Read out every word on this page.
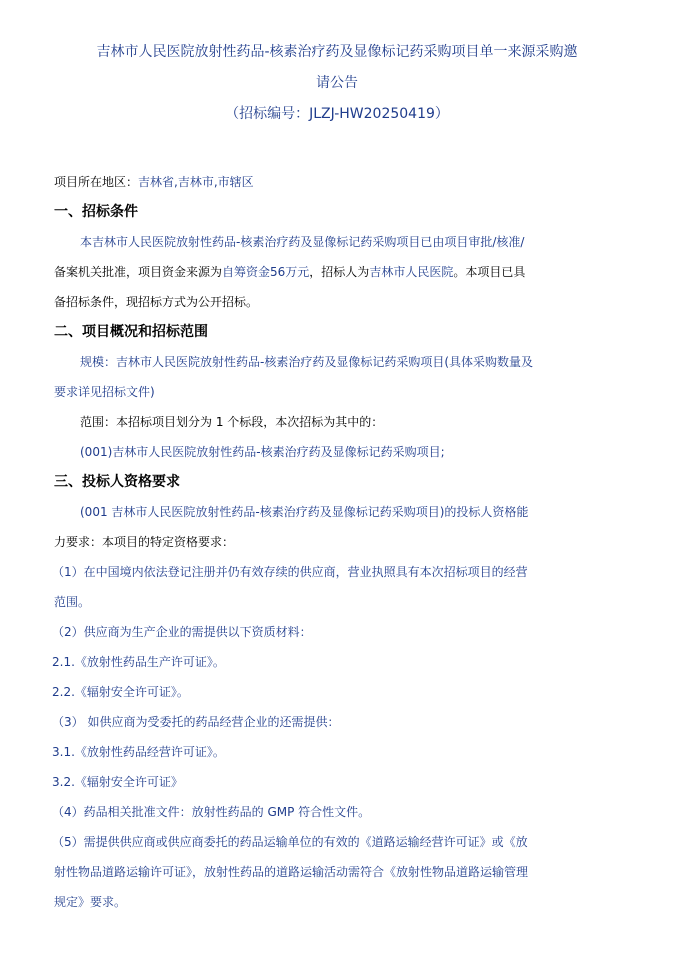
吉林市人民医院放射性药品-核素治疗药及显像标记药采购项目单一来源采购邀
请公告
（招标编号：JLZJ-HW20250419）
项目所在地区：吉林省,吉林市,市辖区
一、招标条件
本吉林市人民医院放射性药品-核素治疗药及显像标记药采购项目已由项目审批/核准/
备案机关批准，项目资金来源为自筹资金56万元，招标人为吉林市人民医院。本项目已具
备招标条件，现招标方式为公开招标。
二、项目概况和招标范围
规模：吉林市人民医院放射性药品-核素治疗药及显像标记药采购项目(具体采购数量及
要求详见招标文件)
范围：本招标项目划分为 1 个标段，本次招标为其中的：
(001)吉林市人民医院放射性药品-核素治疗药及显像标记药采购项目;
三、投标人资格要求
(001 吉林市人民医院放射性药品-核素治疗药及显像标记药采购项目)的投标人资格能
力要求：本项目的特定资格要求：
（1）在中国境内依法登记注册并仍有效存续的供应商，营业执照具有本次招标项目的经营
范围。
（2）供应商为生产企业的需提供以下资质材料：
2.1.《放射性药品生产许可证》。
2.2.《辐射安全许可证》。
（3） 如供应商为受委托的药品经营企业的还需提供：
3.1.《放射性药品经营许可证》。
3.2.《辐射安全许可证》
（4）药品相关批准文件：放射性药品的 GMP 符合性文件。
（5）需提供供应商或供应商委托的药品运输单位的有效的《道路运输经营许可证》或《放
射性物品道路运输许可证》，放射性药品的道路运输活动需符合《放射性物品道路运输管理
规定》要求。
